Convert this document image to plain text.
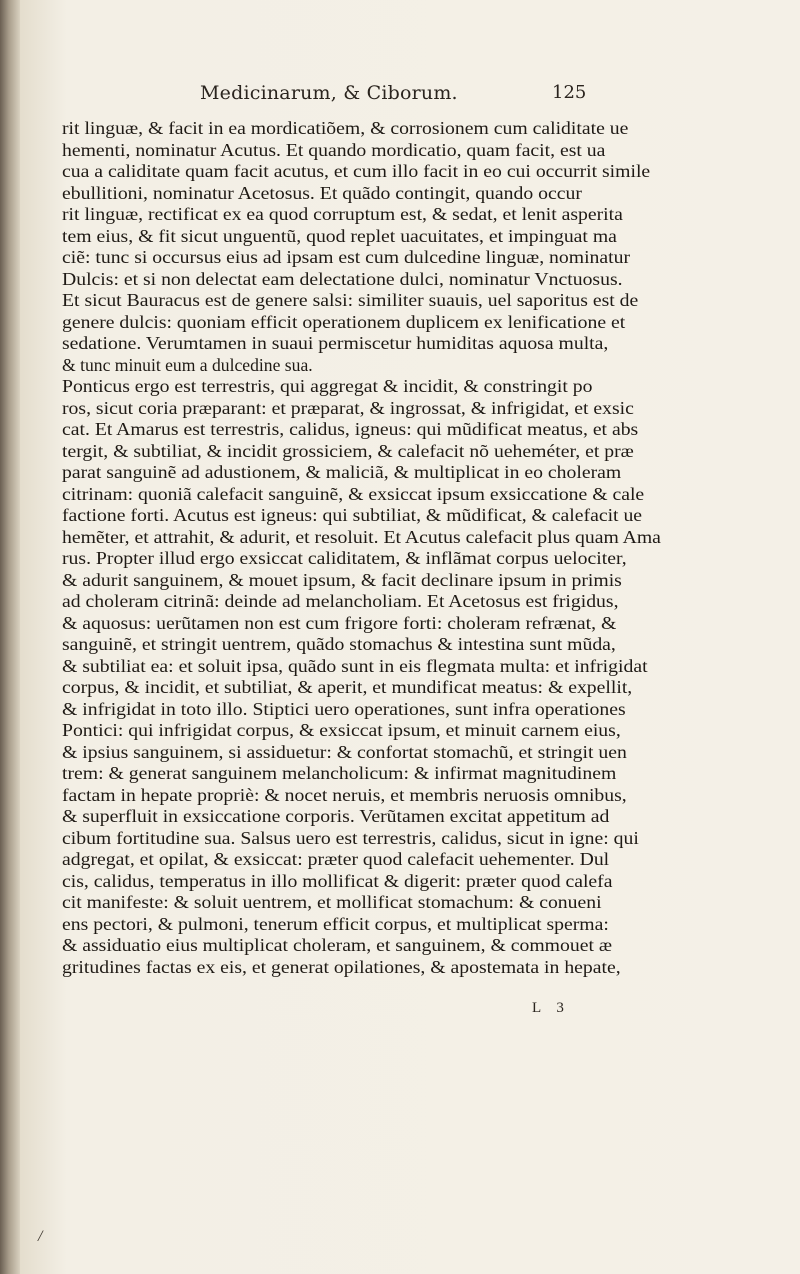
Medicinarum, & Ciborum.	125
rit linguæ, & facit in ea mordicatiõem, & corrosionem cum caliditate ue
hementi, nominatur Acutus. Et quando mordicatio, quam facit, est ua
cua a caliditate quam facit acutus, et cum illo facit in eo cui occurrit simile
ebullitioni, nominatur Acetosus. Et quãdo contingit, quando occur
rit linguæ, rectificat ex ea quod corruptum est, & sedat, et lenit asperita
tem eius, & fit sicut unguentũ, quod replet uacuitates, et impinguat ma
ciẽ: tunc si occursus eius ad ipsam est cum dulcedine linguæ, nominatur
Dulcis: et si non delectat eam delectatione dulci, nominatur Vnctuosus.
Et sicut Bauracus est de genere salsi: similiter suauis, uel saporitus est de
genere dulcis: quoniam efficit operationem duplicem ex lenificatione et
sedatione. Verumtamen in suaui permiscetur humiditas aquosa multa,
& tunc minuit eum a dulcedine sua.
Ponticus ergo est terrestris, qui aggregat & incidit, & constringit po
ros, sicut coria præparant: et præparat, & ingrossat, & infrigidat, et exsic
cat. Et Amarus est terrestris, calidus, igneus: qui mũdificat meatus, et abs
tergit, & subtiliat, & incidit grossiciem, & calefacit nõ ueheméter, et præ
parat sanguinẽ ad adustionem, & maliciã, & multiplicat in eo choleram
citrinam: quoniã calefacit sanguinẽ, & exsiccat ipsum exsiccatione & cale
factione forti. Acutus est igneus: qui subtiliat, & mũdificat, & calefacit ue
hemẽter, et attrahit, & adurit, et resoluit. Et Acutus calefacit plus quam Ama
rus. Propter illud ergo exsiccat caliditatem, & inflãmat corpus uelociter,
& adurit sanguinem, & mouet ipsum, & facit declinare ipsum in primis
ad choleram citrinã: deinde ad melancholiam. Et Acetosus est frigidus,
& aquosus: uerũtamen non est cum frigore forti: choleram refrænat, &
sanguinẽ, et stringit uentrem, quãdo stomachus & intestina sunt mũda,
& subtiliat ea: et soluit ipsa, quãdo sunt in eis flegmata multa: et infrigidat
corpus, & incidit, et subtiliat, & aperit, et mundificat meatus: & expellit,
& infrigidat in toto illo. Stiptici uero operationes, sunt infra operationes
Pontici: qui infrigidat corpus, & exsiccat ipsum, et minuit carnem eius,
& ipsius sanguinem, si assiduetur: & confortat stomachũ, et stringit uen
trem: & generat sanguinem melancholicum: & infirmat magnitudinem
factam in hepate propriè: & nocet neruis, et membris neruosis omnibus,
& superfluit in exsiccatione corporis. Verũtamen excitat appetitum ad
cibum fortitudine sua. Salsus uero est terrestris, calidus, sicut in igne: qui
adgregat, et opilat, & exsiccat: præter quod calefacit uehementer. Dul
cis, calidus, temperatus in illo mollificat & digerit: præter quod calefa
cit manifeste: & soluit uentrem, et mollificat stomachum: & conueni
ens pectori, & pulmoni, tenerum efficit corpus, et multiplicat sperma:
& assiduatio eius multiplicat choleram, et sanguinem, & commouet æ
gritudines factas ex eis, et generat opilationes, & apostemata in hepate,
L 3
/
